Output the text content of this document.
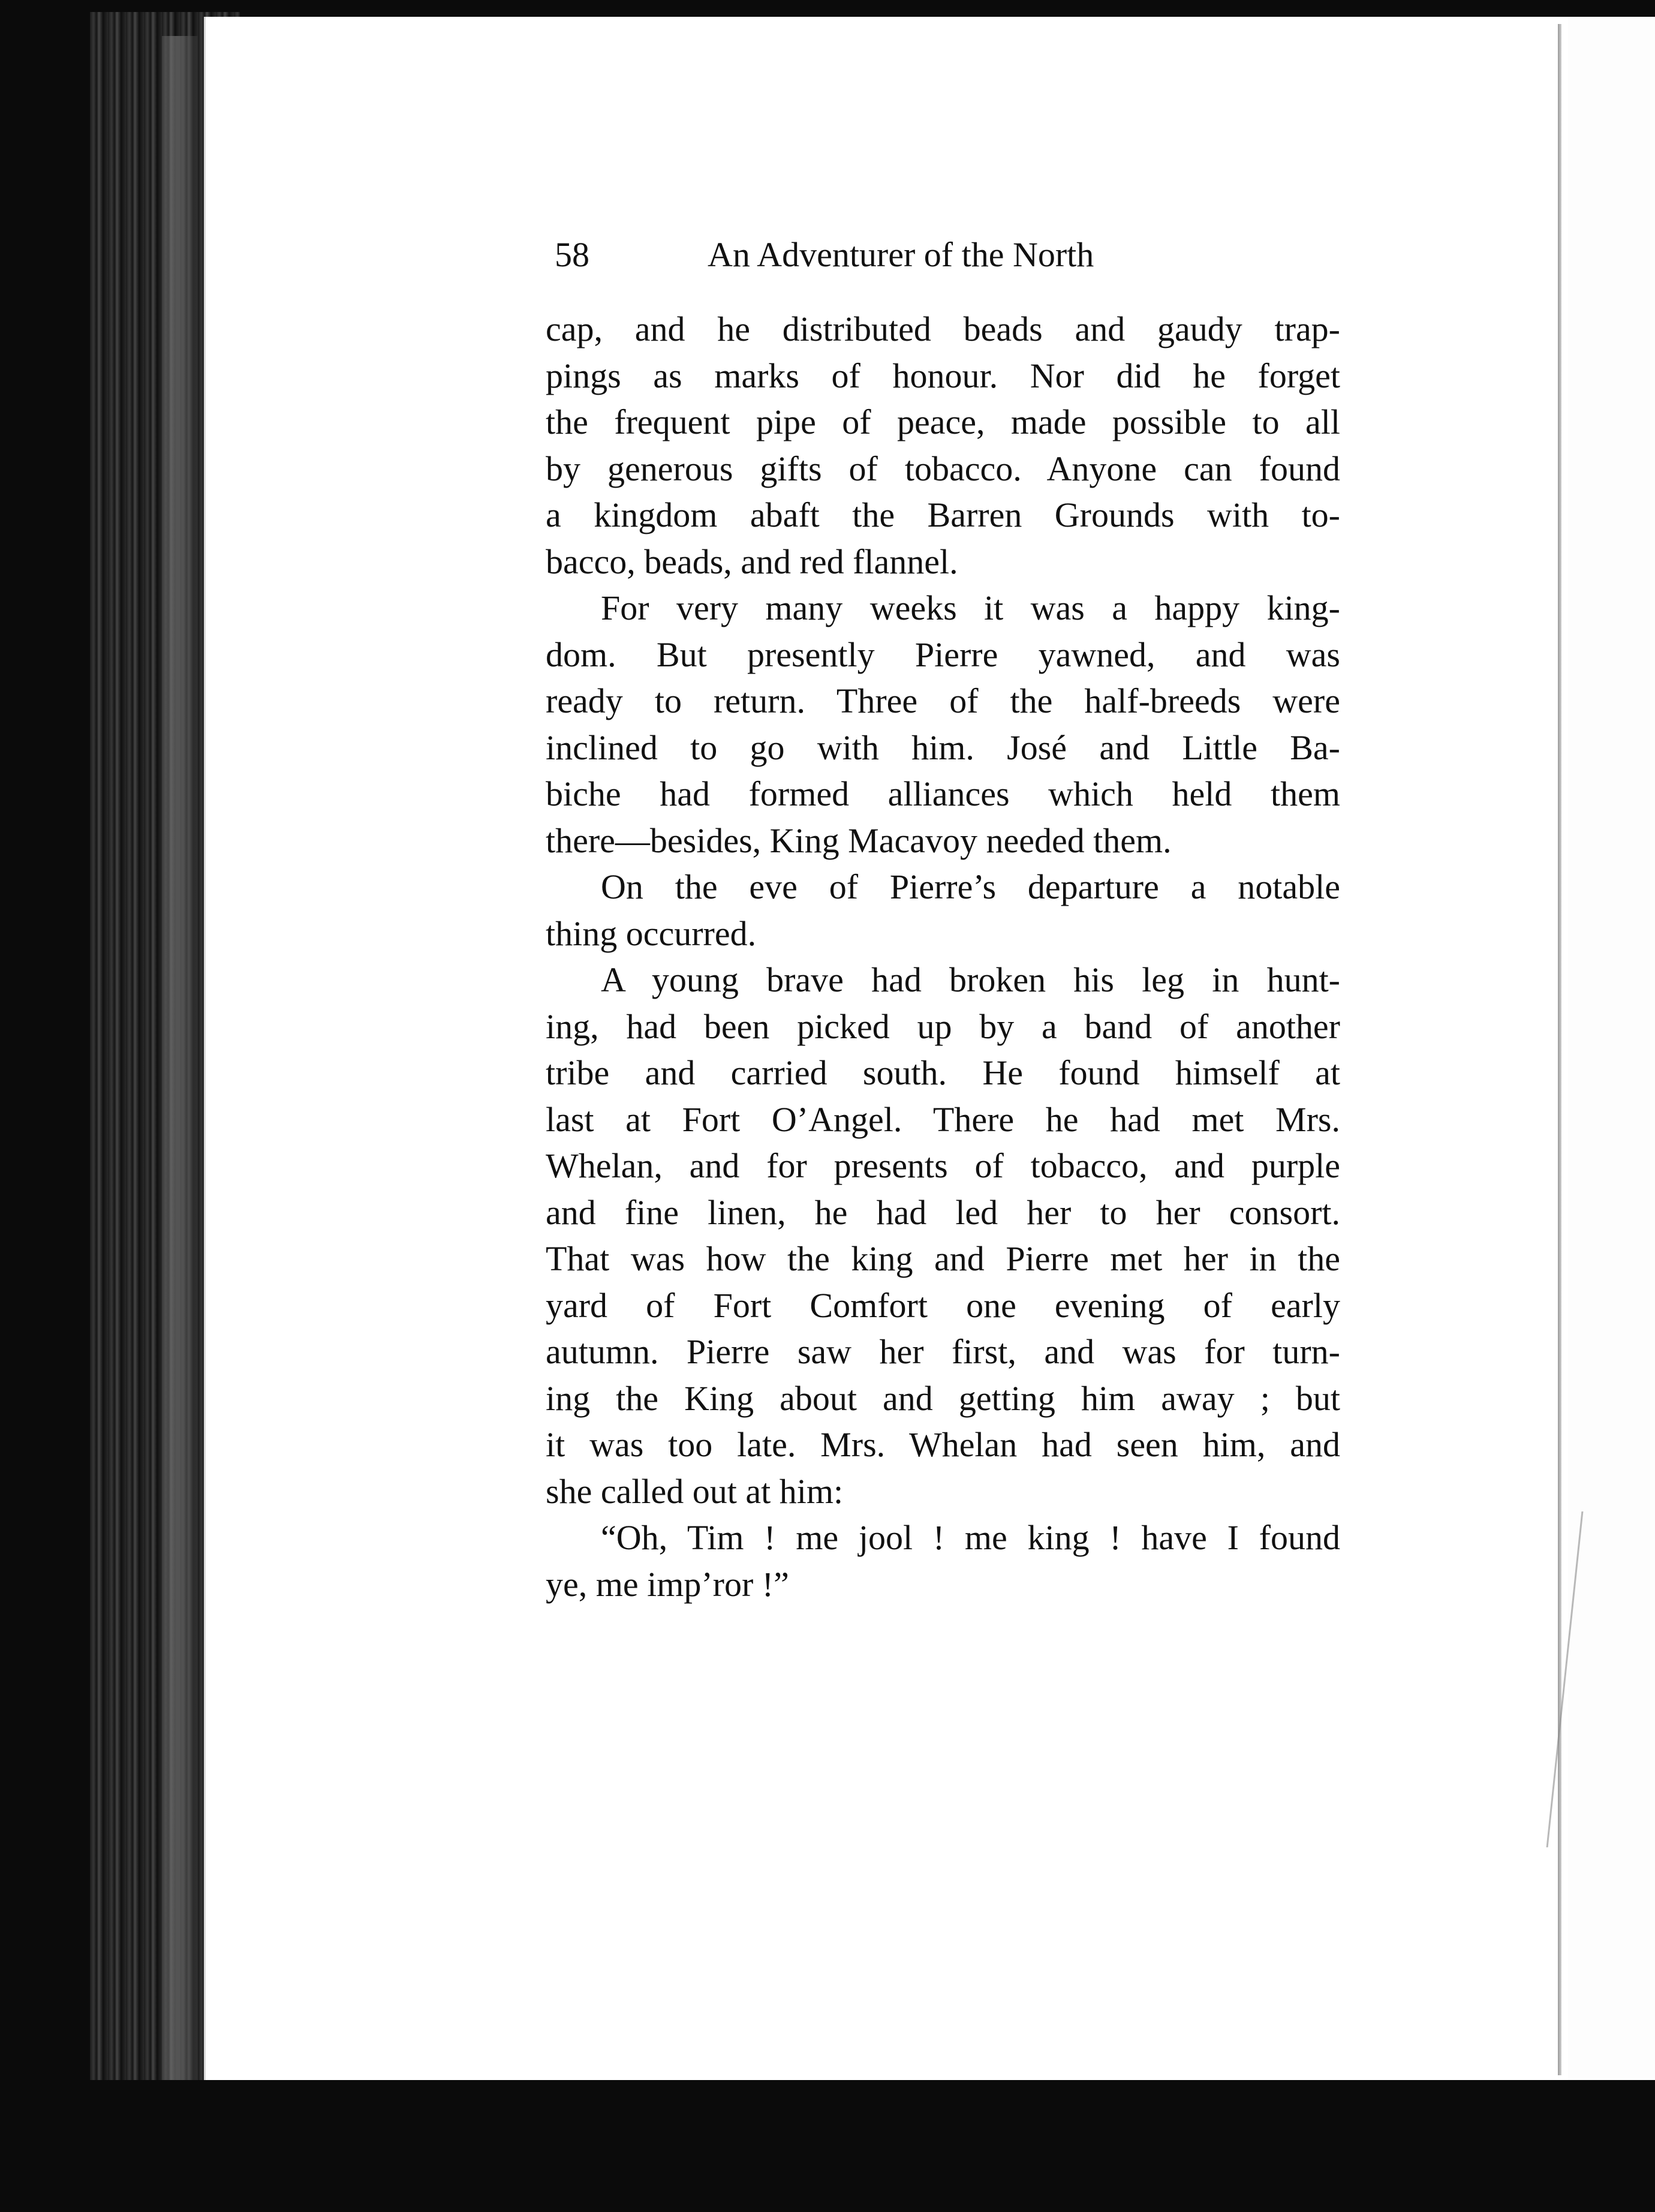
58	An Adventurer of the North
cap, and he distributed beads and gaudy trap-
pings as marks of honour. Nor did he forget
the frequent pipe of peace, made possible to all
by generous gifts of tobacco. Anyone can found
a kingdom abaft the Barren Grounds with to-
bacco, beads, and red flannel.
For very many weeks it was a happy king-
dom. But presently Pierre yawned, and was
ready to return. Three of the half-breeds were
inclined to go with him. José and Little Ba-
biche had formed alliances which held them
there—besides, King Macavoy needed them.
On the eve of Pierre’s departure a notable
thing occurred.
A young brave had broken his leg in hunt-
ing, had been picked up by a band of another
tribe and carried south. He found himself at
last at Fort O’Angel. There he had met Mrs.
Whelan, and for presents of tobacco, and purple
and fine linen, he had led her to her consort.
That was how the king and Pierre met her in the
yard of Fort Comfort one evening of early
autumn. Pierre saw her first, and was for turn-
ing the King about and getting him away ; but
it was too late. Mrs. Whelan had seen him, and
she called out at him:
“Oh, Tim ! me jool ! me king ! have I found
ye, me imp’ror !”
